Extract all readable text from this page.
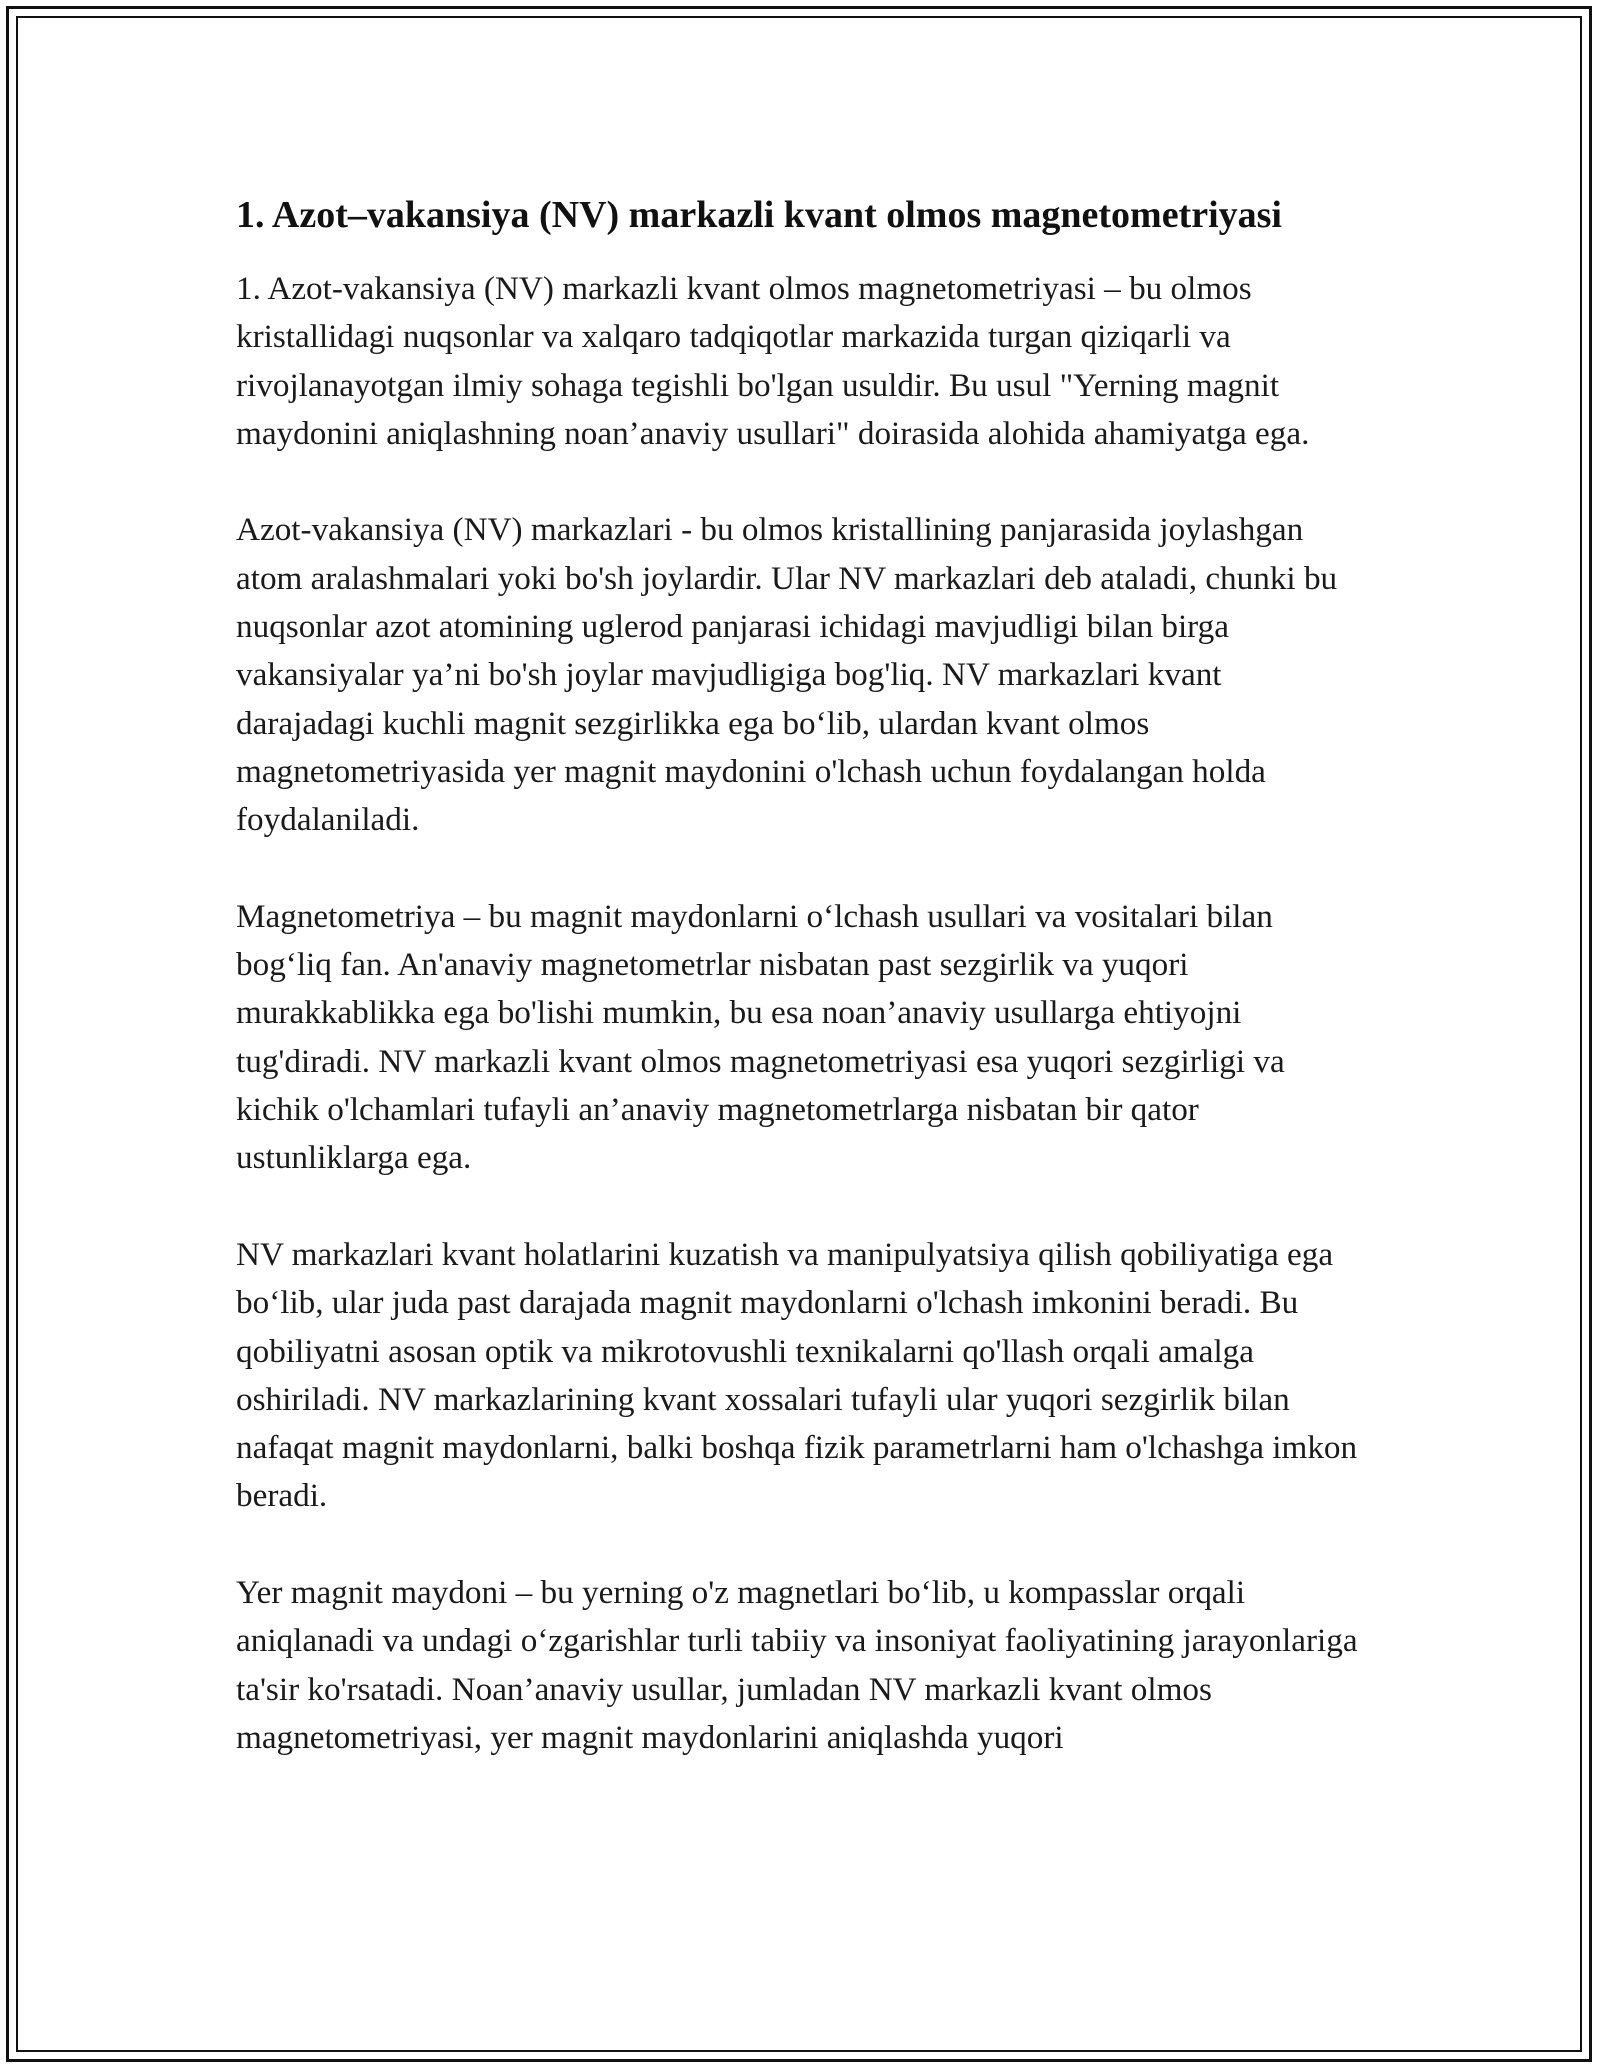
1. Azot–vakansiya (NV) markazli kvant olmos magnetometriyasi

1. Azot-vakansiya (NV) markazli kvant olmos magnetometriyasi – bu olmos kristallidagi nuqsonlar va xalqaro tadqiqotlar markazida turgan qiziqarli va rivojlanayotgan ilmiy sohaga tegishli bo'lgan usuldir. Bu usul "Yerning magnit maydonini aniqlashning noan’anaviy usullari" doirasida alohida ahamiyatga ega.

Azot-vakansiya (NV) markazlari - bu olmos kristallining panjarasida joylashgan atom aralashmalari yoki bo'sh joylardir. Ular NV markazlari deb ataladi, chunki bu nuqsonlar azot atomining uglerod panjarasi ichidagi mavjudligi bilan birga vakansiyalar ya’ni bo'sh joylar mavjudligiga bog'liq. NV markazlari kvant darajadagi kuchli magnit sezgirlikka ega bo‘lib, ulardan kvant olmos magnetometriyasida yer magnit maydonini o'lchash uchun foydalangan holda foydalaniladi.

Magnetometriya – bu magnit maydonlarni o‘lchash usullari va vositalari bilan bog‘liq fan. An'anaviy magnetometrlar nisbatan past sezgirlik va yuqori murakkablikka ega bo'lishi mumkin, bu esa noan’anaviy usullarga ehtiyojni tug'diradi. NV markazli kvant olmos magnetometriyasi esa yuqori sezgirligi va kichik o'lchamlari tufayli an’anaviy magnetometrlarga nisbatan bir qator ustunliklarga ega.

NV markazlari kvant holatlarini kuzatish va manipulyatsiya qilish qobiliyatiga ega bo‘lib, ular juda past darajada magnit maydonlarni o'lchash imkonini beradi. Bu qobiliyatni asosan optik va mikrotovushli texnikalarni qo'llash orqali amalga oshiriladi. NV markazlarining kvant xossalari tufayli ular yuqori sezgirlik bilan nafaqat magnit maydonlarni, balki boshqa fizik parametrlarni ham o'lchashga imkon beradi.

Yer magnit maydoni – bu yerning o'z magnetlari bo‘lib, u kompasslar orqali aniqlanadi va undagi o‘zgarishlar turli tabiiy va insoniyat faoliyatining jarayonlariga ta'sir ko'rsatadi. Noan’anaviy usullar, jumladan NV markazli kvant olmos magnetometriyasi, yer magnit maydonlarini aniqlashda yuqori
